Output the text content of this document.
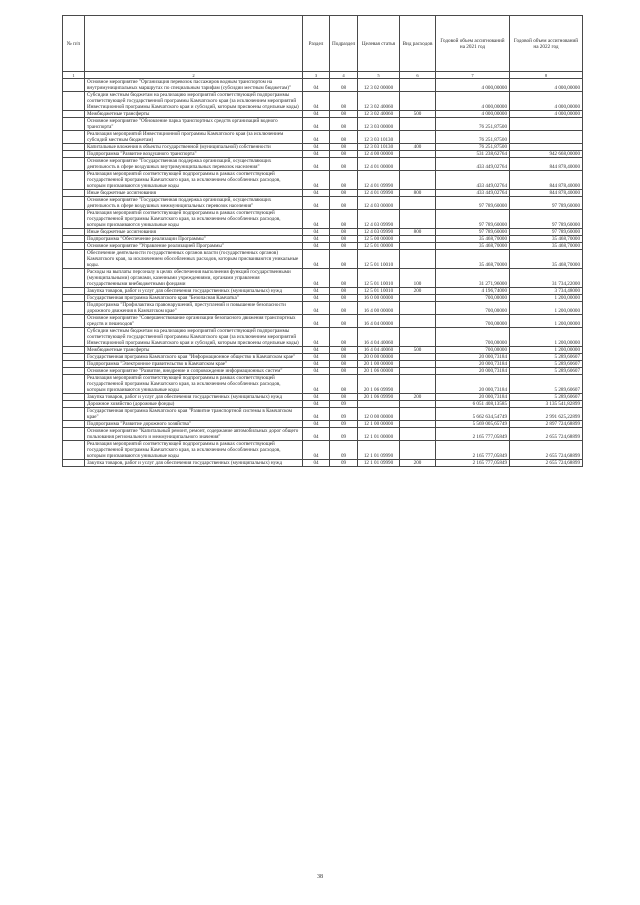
№ п/п		Раздел	Подраздел	Целевая статья	Вид расходов	Годовой объем ассигнований на 2021 год	Годовой объем ассигнований на 2022 год
1	2	3	4	5	6	7	8
	Основное мероприятие "Организация перевозок пассажиров водным транспортом на внутримуниципальных маршрутах по специальным тарифам (субсидии местным бюджетам)"	04	08	12 3 02 00000		4 000,00000	4 000,00000
	Субсидии местным бюджетам на реализацию мероприятий соответствующей подпрограммы соответствующей государственной программы Камчатского края (за исключением мероприятий Инвестиционной программы Камчатского края и субсидий, которым присвоены отдельные коды)	04	08	12 3 02 40060		4 000,00000	4 000,00000
	Межбюджетные трансферты	04	08	12 3 02 40060	500	4 000,00000	4 000,00000
	Основное мероприятие "Обновление парка транспортных средств организаций водного транспорта"	04	08	12 3 03 00000		76 251,87500	
	Реализация мероприятий Инвестиционной программы Камчатского края (за исключением субсидий местным бюджетам)	04	08	12 3 03 10130		76 251,87500	
	Капитальные вложения в объекты государственной (муниципальной) собственности	04	08	12 3 03 10130	400	76 251,87500	
	Подпрограмма "Развитие воздушного транспорта"	04	08	12 4 00 00000		531 238,62764	942 668,00000
	Основное мероприятие "Государственная поддержка организаций, осуществляющих деятельность в сфере воздушных внутримуниципальных перевозок населения"	04	08	12 4 01 00000		433 449,02764	844 878,40000
	Реализация мероприятий соответствующей подпрограммы в рамках соответствующей государственной программы Камчатского края, за исключением обособленных расходов, которым присваиваются уникальные коды	04	08	12 4 01 09990		433 449,02764	844 878,40000
	Иные бюджетные ассигнования	04	08	12 4 01 09990	800	433 449,02764	844 878,40000
	Основное мероприятие "Государственная поддержка организаций, осуществляющих деятельность в сфере воздушных межмуниципальных перевозок населения"	04	08	12 4 03 00000		97 789,60000	97 789,60000
	Реализация мероприятий соответствующей подпрограммы в рамках соответствующей государственной программы Камчатского края, за исключением обособленных расходов, которым присваиваются уникальные коды	04	08	12 4 03 09990		97 789,60000	97 789,60000
	Иные бюджетные ассигнования	04	08	12 4 03 09990	800	97 789,60000	97 789,60000
	Подпрограмма "Обеспечение реализации Программы"	04	08	12 5 00 00000		35 468,70000	35 468,70000
	Основное мероприятие "Управление реализацией Программы"	04	08	12 5 01 00000		35 468,70000	35 468,70000
	Обеспечение деятельности государственных органов власти (государственных органов) Камчатского края, за исключением обособленных расходов, которым присваиваются уникальные коды.	04	08	12 5 01 10010		35 468,70000	35 468,70000
	Расходы на выплаты персоналу в целях обеспечения выполнения функций государственными (муниципальными) органами, казенными учреждениями, органами управления государственными внебюджетными фондами	04	08	12 5 01 10010	100	31 271,96000	31 734,22000
	Закупка товаров, работ и услуг для обеспечения государственных (муниципальных) нужд	04	08	12 5 01 10010	200	4 196,74000	3 734,48000
	Государственная программа Камчатского края "Безопасная Камчатка"	04	08	16 0 00 00000		700,00000	1 200,00000
	Подпрограмма "Профилактика правонарушений, преступлений и повышение безопасности дорожного движения в Камчатском крае"	04	08	16 4 00 00000		700,00000	1 200,00000
	Основное мероприятие "Совершенствование организации безопасного движения транспортных средств и пешеходов"	04	08	16 4 04 00000		700,00000	1 200,00000
	Субсидии местным бюджетам на реализацию мероприятий соответствующей подпрограммы соответствующей государственной программы Камчатского края (за исключением мероприятий Инвестиционной программы Камчатского края и субсидий, которым присвоены отдельные коды)	04	08	16 4 04 40060		700,00000	1 200,00000
	Межбюджетные трансферты	04	08	16 4 04 40060	500	700,00000	1 200,00000
	Государственная программа Камчатского края "Информационное общество в Камчатском крае"	04	08	20 0 00 00000		20 000,73184	5 289,60607
	Подпрограмма "Электронное правительство в Камчатском крае"	04	08	20 1 00 00000		20 000,73184	5 289,60607
	Основное мероприятие "Развитие, внедрение и сопровождение информационных систем"	04	08	20 1 06 00000		20 000,73184	5 289,60607
	Реализация мероприятий соответствующей подпрограммы в рамках соответствующей государственной программы Камчатского края, за исключением обособленных расходов, которым присваиваются уникальные коды	04	08	20 1 06 09990		20 000,73184	5 289,60607
	Закупка товаров, работ и услуг для обеспечения государственных (муниципальных) нужд	04	08	20 1 06 09990	200	20 000,73184	5 289,60607
	Дорожное хозяйство (дорожные фонды)	04	09			6 051 408,13585	3 135 541,82899
	Государственная программа Камчатского края "Развитие транспортной системы в Камчатском крае"	04	09	12 0 00 00000		5 662 634,54749	2 991 625,22899
	Подпрограмма "Развитие дорожного хозяйства"	04	09	12 1 00 00000		5 569 005,65749	2 897 724,68899
	Основное мероприятие "Капитальный ремонт, ремонт, содержание автомобильных дорог общего пользования регионального и межмуниципального значения"	04	09	12 1 01 00000		2 165 777,05849	2 655 724,68899
	Реализация мероприятий соответствующей подпрограммы в рамках соответствующей государственной программы Камчатского края, за исключением обособленных расходов, которым присваиваются уникальные коды	04	09	12 1 01 09990		2 165 777,05849	2 655 724,68899
	Закупка товаров, работ и услуг для обеспечения государственных (муниципальных) нужд	04	09	12 1 01 09990	200	2 165 777,05849	2 655 724,68899
38
